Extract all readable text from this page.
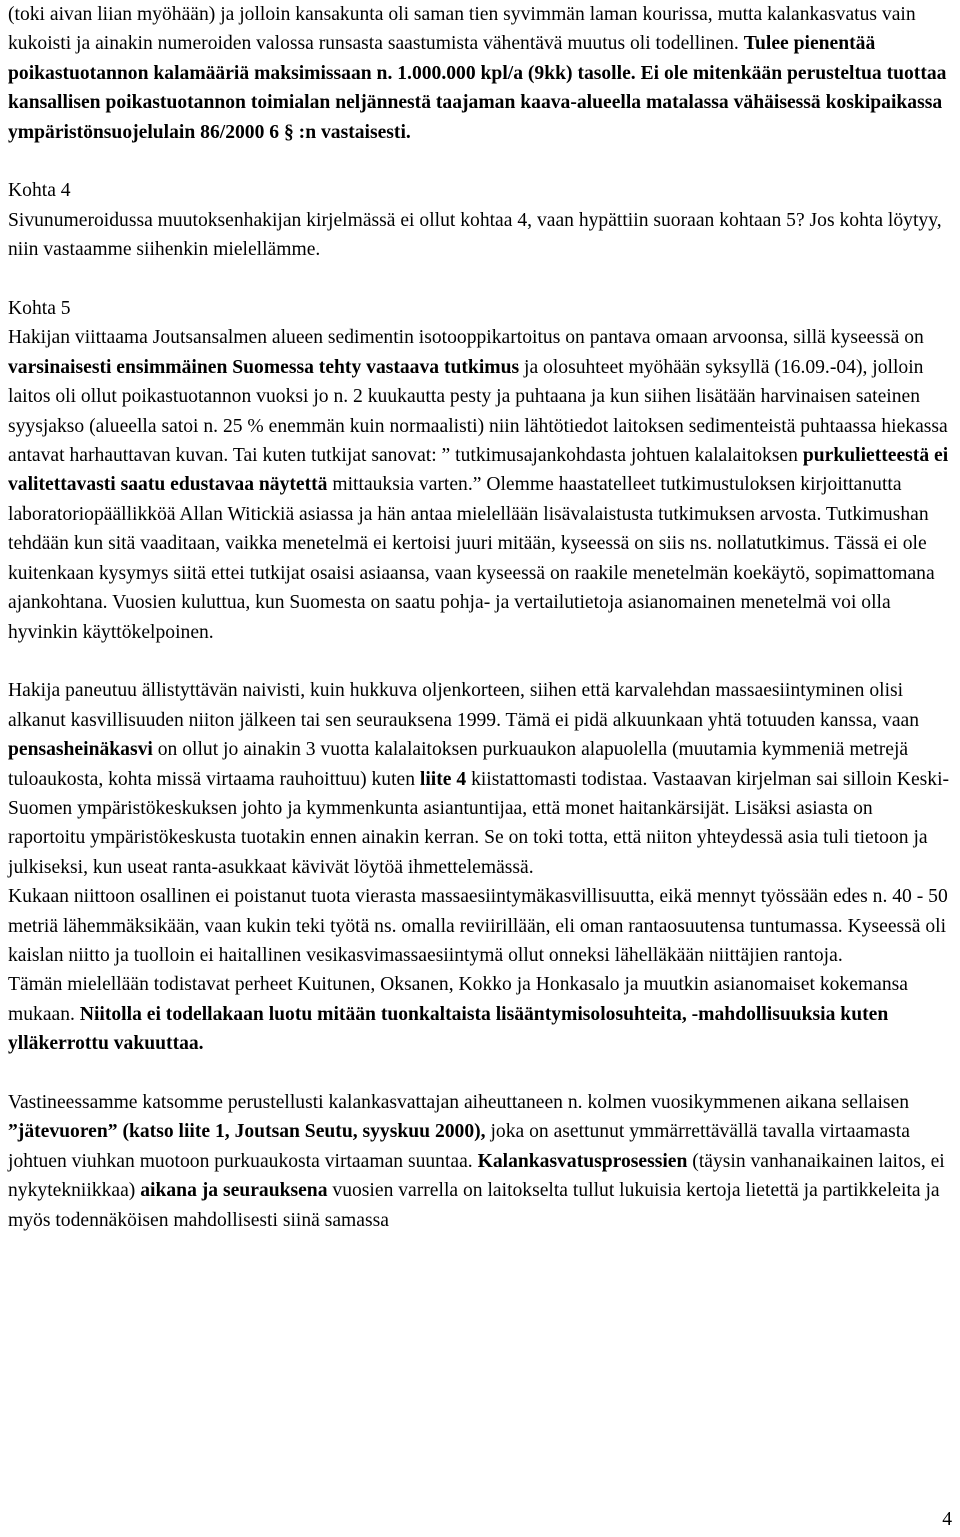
(toki aivan liian myöhään) ja jolloin kansakunta oli saman tien syvimmän laman kourissa, mutta kalankasvatus vain kukoisti ja ainakin numeroiden valossa runsasta saastumista vähentävä muutus oli todellinen. Tulee pienentää poikastuotannon kalamääriä maksimissaan n. 1.000.000 kpl/a (9kk) tasolle. Ei ole mitenkään perusteltua tuottaa kansallisen poikastuotannon toimialan neljännestä taajaman kaava-alueella matalassa vähäisessä koskipaikassa ympäristönsuojelulain 86/2000 6 § :n vastaisesti.

Kohta 4

Sivunumeroidussa muutoksenhakijan kirjelmässä ei ollut kohtaa 4, vaan hypättiin suoraan kohtaan 5? Jos kohta löytyy, niin vastaamme siihenkin mielellämme.

Kohta 5

Hakijan viittaama Joutsansalmen alueen sedimentin isotooppikartoitus on pantava omaan arvoonsa, sillä kyseessä on varsinaisesti ensimmäinen Suomessa tehty vastaava tutkimus ja olosuhteet myöhään syksyllä (16.09.-04), jolloin laitos oli ollut poikastuotannon vuoksi jo n. 2 kuukautta pesty ja puhtaana ja kun siihen lisätään harvinaisen sateinen syysjakso (alueella satoi n. 25 % enemmän kuin normaalisti) niin lähtötiedot laitoksen sedimenteistä puhtaassa hiekassa antavat harhauttavan kuvan. Tai kuten tutkijat sanovat: ” tutkimusajankohdasta johtuen kalalaitoksen purkulietteestä ei valitettavasti saatu edustavaa näytettä mittauksia varten.” Olemme haastatelleet tutkimustuloksen kirjoittanutta laboratoriopäällikköä Allan Witickiä asiassa ja hän antaa mielellään lisävalaistusta tutkimuksen arvosta. Tutkimushan tehdään kun sitä vaaditaan, vaikka menetelmä ei kertoisi juuri mitään, kyseessä on siis ns. nollatutkimus. Tässä ei ole kuitenkaan kysymys siitä ettei tutkijat osaisi asiaansa, vaan kyseessä on raakile menetelmän koekäytö, sopimattomana ajankohtana. Vuosien kuluttua, kun Suomesta on saatu pohja- ja vertailutietoja asianomainen menetelmä voi olla hyvinkin käyttökelpoinen.

Hakija paneutuu ällistyttävän naivisti, kuin hukkuva oljenkorteen, siihen että karvalehdan massaesiintyminen olisi alkanut kasvillisuuden niiton jälkeen tai sen seurauksena 1999. Tämä ei pidä alkuunkaan yhtä totuuden kanssa, vaan pensasheinäkasvi on ollut jo ainakin 3 vuotta kalalaitoksen purkuaukon alapuolella (muutamia kymmeniä metrejä tuloaukosta, kohta missä virtaama rauhoittuu) kuten liite 4 kiistattomasti todistaa. Vastaavan kirjelman sai silloin Keski-Suomen ympäristökeskuksen johto ja kymmenkunta asiantuntijaa, että monet haitankärsijät. Lisäksi asiasta on raportoitu ympäristökeskusta tuotakin ennen ainakin kerran. Se on toki totta, että niiton yhteydessä asia tuli tietoon ja julkiseksi, kun useat ranta-asukkaat kävivät löytöä ihmettelemässä.

Kukaan niittoon osallinen ei poistanut tuota vierasta massaesiintymäkasvillisuutta, eikä mennyt työssään edes n. 40 - 50 metriä lähemmäksikään, vaan kukin teki työtä ns. omalla reviirillään, eli oman rantaosuutensa tuntumassa. Kyseessä oli kaislan niitto ja tuolloin ei haitallinen vesikasvimassaesiintymä ollut onneksi lähelläkään niittäjien rantoja.

Tämän mielellään todistavat perheet Kuitunen, Oksanen, Kokko ja Honkasalo ja muutkin asianomaiset kokemansa mukaan. Niitolla ei todellakaan luotu mitään tuonkaltaista lisääntymisolosuhteita, -mahdollisuuksia kuten ylläkerrottu vakuuttaa.

Vastineessamme katsomme perustellusti kalankasvattajan aiheuttaneen n. kolmen vuosikymmenen aikana sellaisen ”jätevuoren” (katso liite 1, Joutsan Seutu, syyskuu 2000), joka on asettunut ymmärrettävällä tavalla virtaamasta johtuen viuhkan muotoon purkuaukosta virtaaman suuntaa. Kalankasvatusprosessien (täysin vanhanaikainen laitos, ei nykytekniikkaa) aikana ja seurauksena vuosien varrella on laitokselta tullut lukuisia kertoja lietettä ja partikkeleita ja myös todennäköisen mahdollisesti siinä samassa

4
